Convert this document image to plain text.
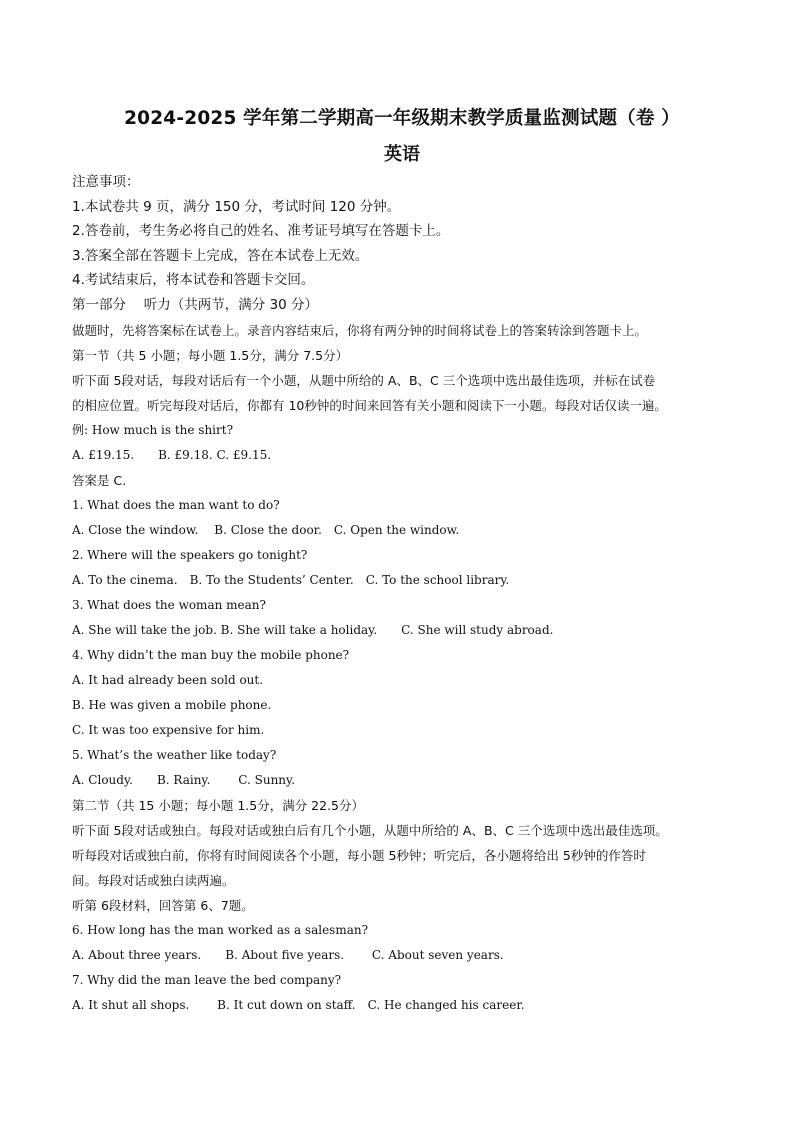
2024-2025 学年第二学期高一年级期末教学质量监测试题（卷 ）
英语
注意事项：
1.本试卷共 9 页，满分 150 分，考试时间 120 分钟。
2.答卷前，考生务必将自己的姓名、准考证号填写在答题卡上。
3.答案全部在答题卡上完成，答在本试卷上无效。
4.考试结束后，将本试卷和答题卡交回。
第一部分　 听力（共两节，满分 30 分）
做题时，先将答案标在试卷上。录音内容结束后，你将有两分钟的时间将试卷上的答案转涂到答题卡上。
第一节（共 5 小题；每小题 1.5分，满分 7.5分）
听下面 5段对话，每段对话后有一个小题，从题中所给的 A、B、C 三个选项中选出最佳选项，并标在试卷
的相应位置。听完每段对话后，你都有 10秒钟的时间来回答有关小题和阅读下一小题。每段对话仅读一遍。
例: How much is the shirt?
A. £19.15.　　B. £9.18. C. £9.15.
答案是 C.
1. What does the man want to do?
A. Close the window.　 B. Close the door.　C. Open the window.
2. Where will the speakers go tonight?
A. To the cinema.　B. To the Students’ Center.　C. To the school library.
3. What does the woman mean?
A. She will take the job. B. She will take a holiday.　　C. She will study abroad.
4. Why didn’t the man buy the mobile phone?
A. It had already been sold out.
B. He was given a mobile phone.
C. It was too expensive for him.
5. What’s the weather like today?
A. Cloudy.　　B. Rainy.　　 C. Sunny.
第二节（共 15 小题；每小题 1.5分，满分 22.5分）
听下面 5段对话或独白。每段对话或独白后有几个小题，从题中所给的 A、B、C 三个选项中选出最佳选项。
听每段对话或独白前，你将有时间阅读各个小题，每小题 5秒钟；听完后，各小题将给出 5秒钟的作答时
间。每段对话或独白读两遍。
听第 6段材料，回答第 6、7题。
6. How long has the man worked as a salesman?
A. About three years.　　B. About five years.　　 C. About seven years.
7. Why did the man leave the bed company?
A. It shut all shops.　　 B. It cut down on staff.　C. He changed his career.
